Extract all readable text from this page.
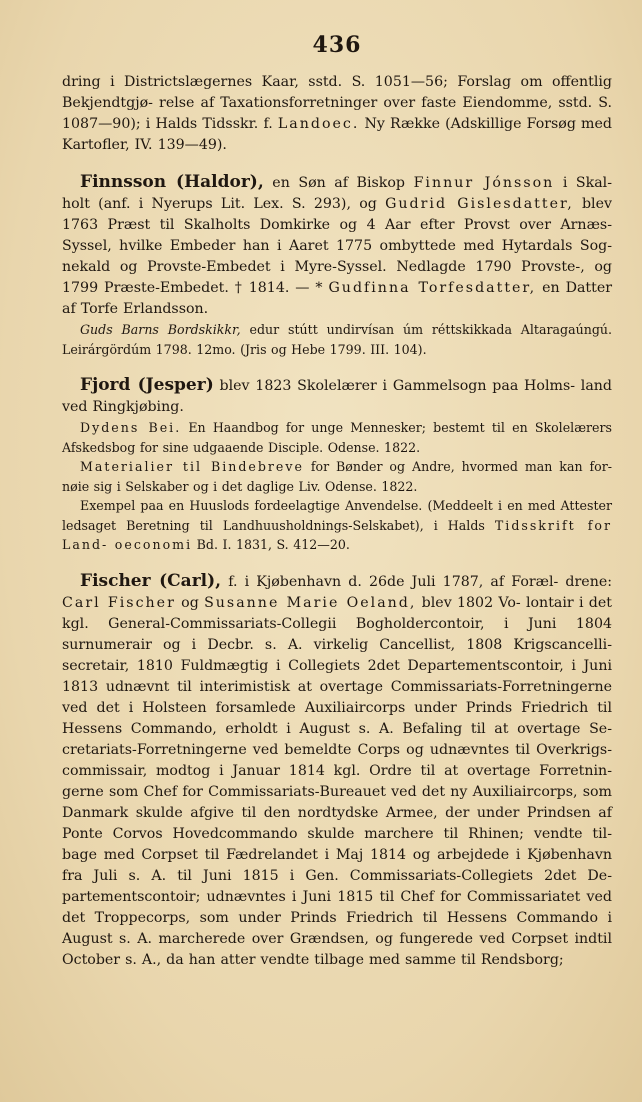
436

dring i Districtslægernes Kaar, sstd. S. 1051—56; Forslag om offentlig Bekjendtgjø- relse af Taxationsforretninger over faste Eiendomme, sstd. S. 1087—90); i Halds Tidsskr. f. Landoec. Ny Række (Adskillige Forsøg med Kartofler, IV. 139—49).

Finnsson (Haldor), en Søn af Biskop Finnur Jónsson i Skal- holt (anf. i Nyerups Lit. Lex. S. 293), og Gudrid Gislesdatter, blev 1763 Præst til Skalholts Domkirke og 4 Aar efter Provst over Arnæs- Syssel, hvilke Embeder han i Aaret 1775 ombyttede med Hytardals Sog- nekald og Provste-Embedet i Myre-Syssel. Nedlagde 1790 Provste-, og 1799 Præste-Embedet. † 1814. — * Gudfinna Torfesdatter, en Datter af Torfe Erlandsson.

Guds Barns Bordskikkr, edur stútt undirvísan úm réttskikkada Altaragaúngú. Leirárgördúm 1798. 12mo. (Jris og Hebe 1799. III. 104).

Fjord (Jesper) blev 1823 Skolelærer i Gammelsogn paa Holms- land ved Ringkjøbing.

Dydens Bei. En Haandbog for unge Mennesker; bestemt til en Skolelærers Afskedsbog for sine udgaaende Disciple. Odense. 1822.

Materialier til Bindebreve for Bønder og Andre, hvormed man kan for- nøie sig i Selskaber og i det daglige Liv. Odense. 1822.

Exempel paa en Huuslods fordeelagtige Anvendelse. (Meddeelt i en med Attester ledsaget Beretning til Landhuusholdnings-Selskabet), i Halds Tidsskrift for Land- oeconomi Bd. I. 1831, S. 412—20.

Fischer (Carl), f. i Kjøbenhavn d. 26de Juli 1787, af Foræl- drene: Carl Fischer og Susanne Marie Oeland, blev 1802 Vo- lontair i det kgl. General-Commissariats-Collegii Bogholdercontoir, i Juni 1804 surnumerair og i Decbr. s. A. virkelig Cancellist, 1808 Krigscancelli- secretair, 1810 Fuldmægtig i Collegiets 2det Departementscontoir, i Juni 1813 udnævnt til interimistisk at overtage Commissariats-Forretningerne ved det i Holsteen forsamlede Auxiliaircorps under Prinds Friedrich til Hessens Commando, erholdt i August s. A. Befaling til at overtage Se- cretariats-Forretningerne ved bemeldte Corps og udnævntes til Overkrigs- commissair, modtog i Januar 1814 kgl. Ordre til at overtage Forretnin- gerne som Chef for Commissariats-Bureauet ved det ny Auxiliaircorps, som Danmark skulde afgive til den nordtydske Armee, der under Prindsen af Ponte Corvos Hovedcommando skulde marchere til Rhinen; vendte til- bage med Corpset til Fædrelandet i Maj 1814 og arbejdede i Kjøbenhavn fra Juli s. A. til Juni 1815 i Gen. Commissariats-Collegiets 2det De- partementscontoir; udnævntes i Juni 1815 til Chef for Commissariatet ved det Troppecorps, som under Prinds Friedrich til Hessens Commando i August s. A. marcherede over Grændsen, og fungerede ved Corpset indtil October s. A., da han atter vendte tilbage med samme til Rendsborg;
